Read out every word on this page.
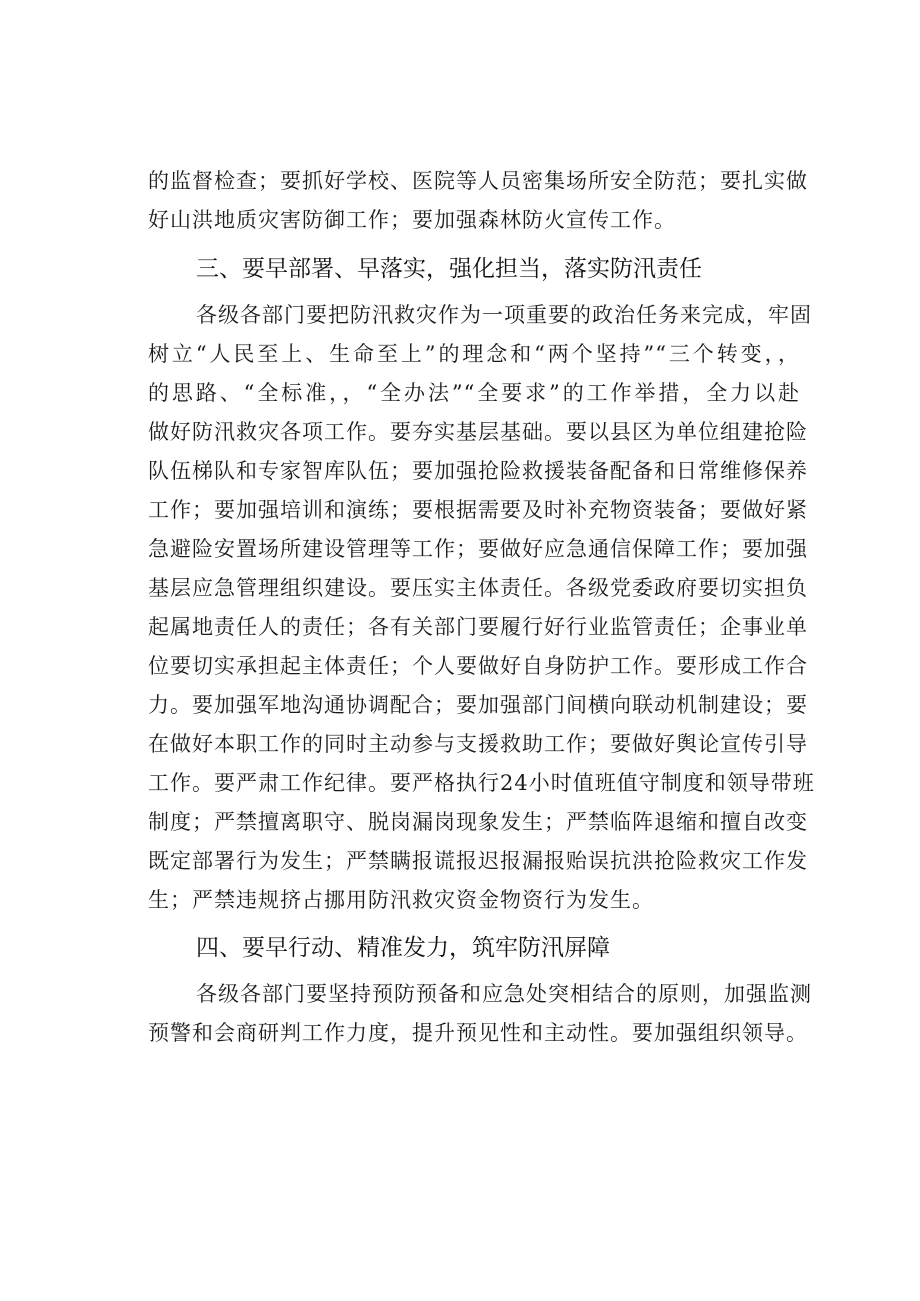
的监督检查；要抓好学校、医院等人员密集场所安全防范；要扎实做
好山洪地质灾害防御工作；要加强森林防火宣传工作。
三、要早部署、早落实，强化担当，落实防汛责任
各级各部门要把防汛救灾作为一项重要的政治任务来完成，牢固
树立“人民至上、生命至上”的理念和“两个坚持”“三个转变，，
的思路、“全标准，，“全办法”“全要求”的工作举措，全力以赴
做好防汛救灾各项工作。要夯实基层基础。要以县区为单位组建抢险
队伍梯队和专家智库队伍；要加强抢险救援装备配备和日常维修保养
工作；要加强培训和演练；要根据需要及时补充物资装备；要做好紧
急避险安置场所建设管理等工作；要做好应急通信保障工作；要加强
基层应急管理组织建设。要压实主体责任。各级党委政府要切实担负
起属地责任人的责任；各有关部门要履行好行业监管责任；企事业单
位要切实承担起主体责任；个人要做好自身防护工作。要形成工作合
力。要加强军地沟通协调配合；要加强部门间横向联动机制建设；要
在做好本职工作的同时主动参与支援救助工作；要做好舆论宣传引导
工作。要严肃工作纪律。要严格执行24小时值班值守制度和领导带班
制度；严禁擅离职守、脱岗漏岗现象发生；严禁临阵退缩和擅自改变
既定部署行为发生；严禁瞒报谎报迟报漏报贻误抗洪抢险救灾工作发
生；严禁违规挤占挪用防汛救灾资金物资行为发生。
四、要早行动、精准发力，筑牢防汛屏障
各级各部门要坚持预防预备和应急处突相结合的原则，加强监测
预警和会商研判工作力度，提升预见性和主动性。要加强组织领导。
